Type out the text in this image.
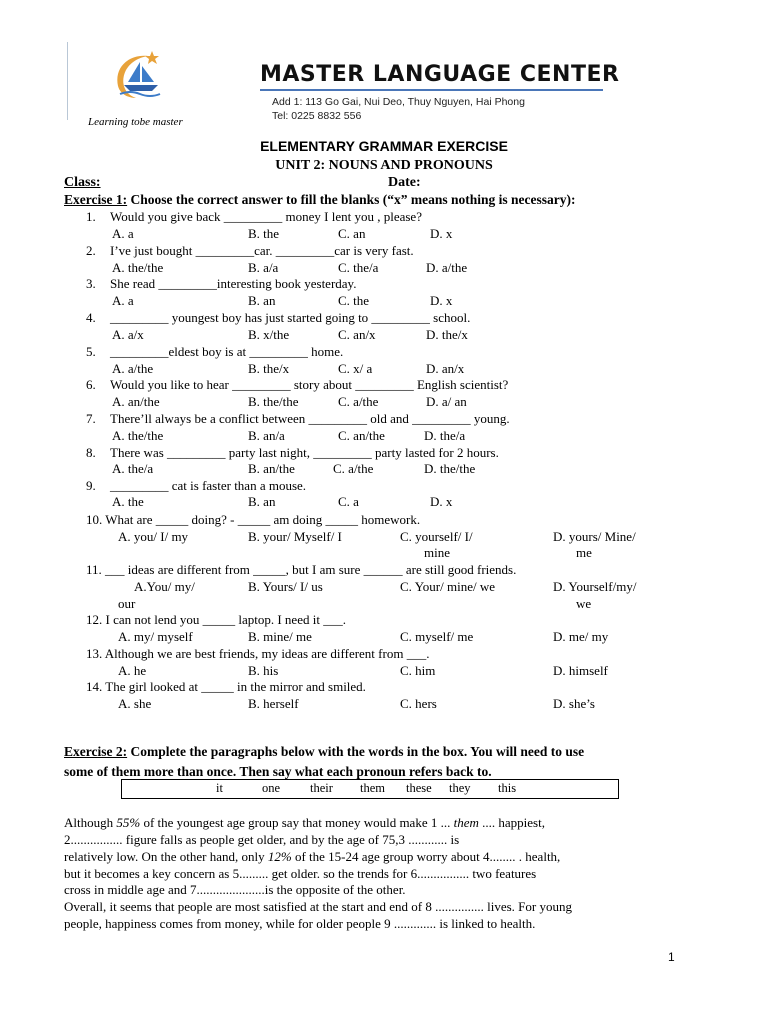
Learning tobe master
MASTER LANGUAGE CENTER
Add 1: 113 Go Gai, Nui Deo, Thuy Nguyen, Hai Phong
Tel: 0225 8832 556
ELEMENTARY GRAMMAR EXERCISE
UNIT 2: NOUNS AND PRONOUNS
Class:	Date:
Exercise 1: Choose the correct answer to fill the blanks (“x” means nothing is necessary):
1. Would you give back _________ money I lent you , please?
A. a	B. the	C. an	D. x
2. I’ve just bought _________car. _________car is very fast.
A. the/the	B. a/a	C. the/a	D. a/the
3. She read _________interesting book yesterday.
A. a	B. an	C. the	D. x
4. _________ youngest boy has just started going to _________ school.
A. a/x	B. x/the	C. an/x	D. the/x
5. _________eldest boy is at _________ home.
A. a/the	B. the/x	C. x/ a	D. an/x
6. Would you like to hear _________ story about _________ English scientist?
A. an/the	B. the/the	C. a/the	D. a/ an
7. There’ll always be a conflict between _________ old and _________ young.
A. the/the	B. an/a	C. an/the	D. the/a
8. There was _________ party last night, _________ party lasted for 2 hours.
A. the/a	B. an/the	C. a/the	D. the/the
9. _________ cat is faster than a mouse.
A. the	B. an	C. a	D. x
10. What are _____ doing? - _____ am doing _____ homework.
A. you/ I/ my	B. your/ Myself/ I	C. yourself/ I/
mine
D. yours/ Mine/
me
11. ___ ideas are different from _____, but I am sure ______ are still good friends.
A.You/ my/
our
B. Yours/ I/ us	C. Your/ mine/ we	D. Yourself/my/
we
12. I can not lend you _____ laptop. I need it ___.
A. my/ myself	B. mine/ me	C. myself/ me	D. me/ my
13. Although we are best friends, my ideas are different from ___.
A. he	B. his	C. him	D. himself
14. The girl looked at _____ in the mirror and smiled.
A. she	B. herself	C. hers	D. she’s
Exercise 2: Complete the paragraphs below with the words in the box. You will need to use
some of them more than once. Then say what each pronoun refers back to.
it	one their them these they this
Although 55% of the youngest age group say that money would make 1 ... them .... happiest,
2................ figure falls as people get older, and by the age of 75,3 ............ is
relatively low. On the other hand, only 12% of the 15-24 age group worry about 4........ . health,
but it becomes a key concern as 5......... get older. so the trends for 6................ two features
cross in middle age and 7.....................is the opposite of the other.
Overall, it seems that people are most satisfied at the start and end of 8 ............... lives. For young
people, happiness comes from money, while for older people 9 ............. is linked to health.
1
